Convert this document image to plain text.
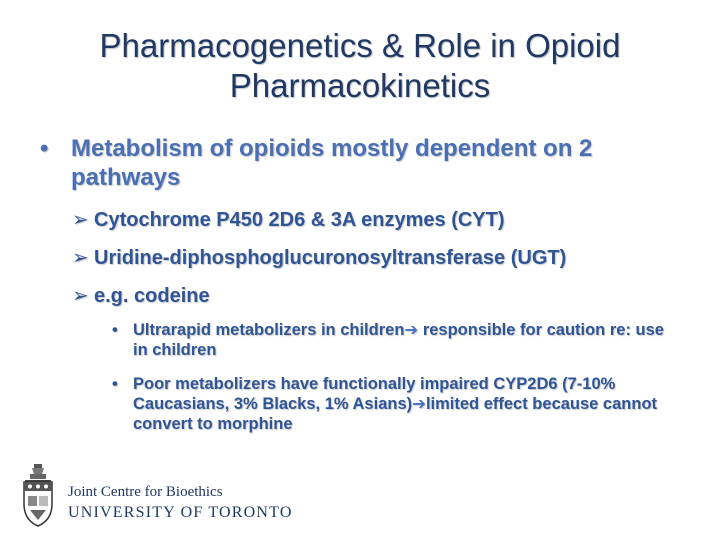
Pharmacogenetics & Role in Opioid
Pharmacokinetics
• Metabolism of opioids mostly dependent on 2 pathways
➢ Cytochrome P450 2D6 & 3A enzymes (CYT)
➢ Uridine-diphosphoglucuronosyltransferase (UGT)
➢ e.g. codeine
• Ultrarapid metabolizers in children➔ responsible for caution re: use in children
• Poor metabolizers have functionally impaired CYP2D6 (7-10% Caucasians, 3% Blacks, 1% Asians)➔limited effect because cannot convert to morphine
Joint Centre for Bioethics
UNIVERSITY OF TORONTO
